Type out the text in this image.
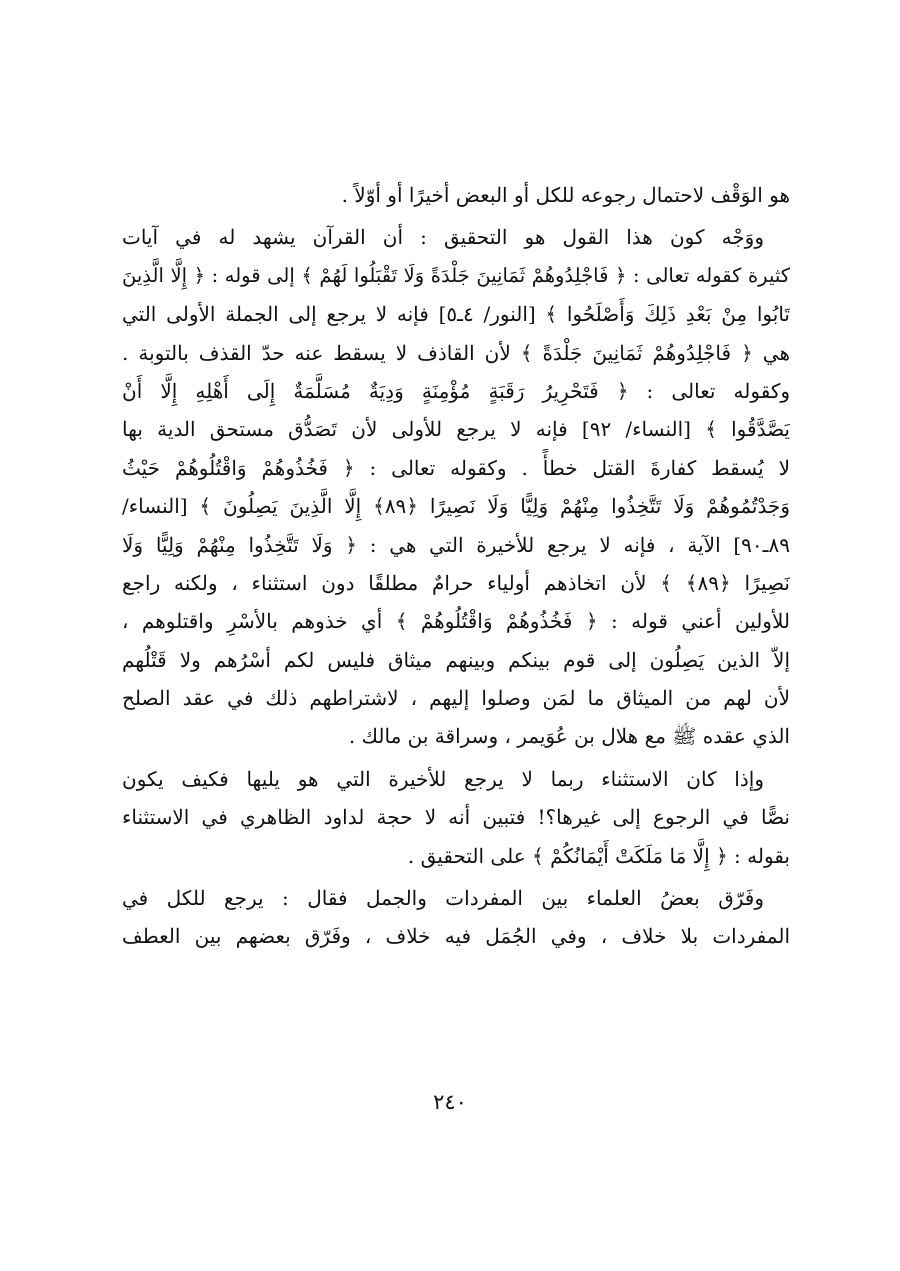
هو الوَقْف لاحتمال رجوعه للكل أو البعض أخيرًا أو أوّلاً .
ووَجْه كون هذا القول هو التحقيق : أن القرآن يشهد له في آيات
كثيرة كقوله تعالى : ﴿ فَاجْلِدُوهُمْ ثَمَانِينَ جَلْدَةً وَلَا تَقْبَلُوا لَهُمْ ﴾ إلى قوله : ﴿ إِلَّا الَّذِينَ
تَابُوا مِنْ بَعْدِ ذَلِكَ وَأَصْلَحُوا ﴾ [النور/ ٤ـ٥] فإنه لا يرجع إلى الجملة الأولى التي
هي ﴿ فَاجْلِدُوهُمْ ثَمَانِينَ جَلْدَةً ﴾ لأن القاذف لا يسقط عنه حدّ القذف بالتوبة .
وكقوله تعالى : ﴿ فَتَحْرِيرُ رَقَبَةٍ مُؤْمِنَةٍ وَدِيَةٌ مُسَلَّمَةٌ إِلَى أَهْلِهِ إِلَّا أَنْ
يَصَّدَّقُوا ﴾ [النساء/ ٩٢] فإنه لا يرجع للأولى لأن تَصَدُّق مستحق الدية بها
لا يُسقط كفارةَ القتل خطأً . وكقوله تعالى : ﴿ فَخُذُوهُمْ وَاقْتُلُوهُمْ حَيْثُ
وَجَدْتُمُوهُمْ وَلَا تَتَّخِذُوا مِنْهُمْ وَلِيًّا وَلَا نَصِيرًا ﴿٨٩﴾ إِلَّا الَّذِينَ يَصِلُونَ ﴾ [النساء/
٨٩ـ٩٠] الآية ، فإنه لا يرجع للأخيرة التي هي : ﴿ وَلَا تَتَّخِذُوا مِنْهُمْ وَلِيًّا وَلَا
نَصِيرًا ﴿٨٩﴾ ﴾ لأن اتخاذهم أولياء حرامٌ مطلقًا دون استثناء ، ولكنه راجع
للأولين أعني قوله : ﴿ فَخُذُوهُمْ وَاقْتُلُوهُمْ ﴾ أي خذوهم بالأسْرِ واقتلوهم ،
إلاّ الذين يَصِلُون إلى قوم بينكم وبينهم ميثاق فليس لكم أسْرُهم ولا قَتْلُهم
لأن لهم من الميثاق ما لمَن وصلوا إليهم ، لاشتراطهم ذلك في عقد الصلح
الذي عقده ﷺ مع هلال بن عُوَيمر ، وسراقة بن مالك .
وإذا كان الاستثناء ربما لا يرجع للأخيرة التي هو يليها فكيف يكون
نصًّا في الرجوع إلى غيرها؟! فتبين أنه لا حجة لداود الظاهري في الاستثناء
بقوله : ﴿ إِلَّا مَا مَلَكَتْ أَيْمَانُكُمْ ﴾ على التحقيق .
وفَرّق بعضُ العلماء بين المفردات والجمل فقال : يرجع للكل في
المفردات بلا خلاف ، وفي الجُمَل فيه خلاف ، وفَرّق بعضهم بين العطف
٢٤٠
